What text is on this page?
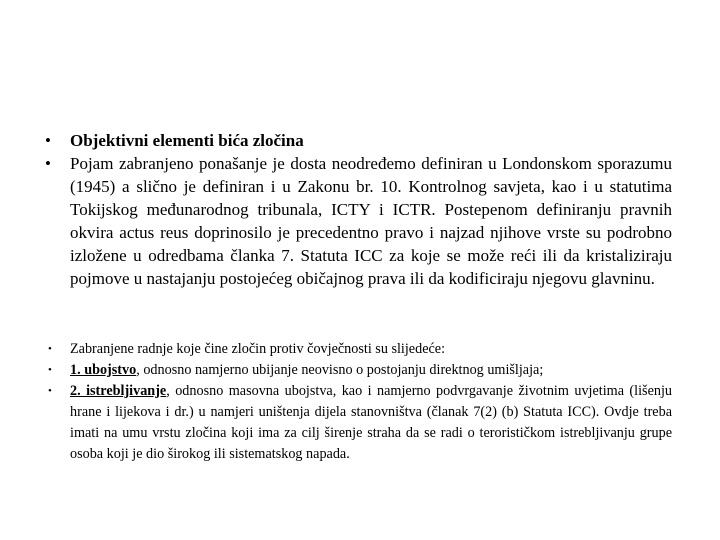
• Objektivni elementi bića zločina
• Pojam zabranjeno ponašanje je dosta neodređemo definiran u Londonskom sporazumu (1945) a slično je definiran i u Zakonu br. 10. Kontrolnog savjeta, kao i u statutima Tokijskog međunarodnog tribunala, ICTY i ICTR. Postepenom definiranju pravnih okvira actus reus doprinosilo je precedentno pravo i najzad njihove vrste su podrobno izložene u odredbama članka 7. Statuta ICC za koje se može reći ili da kristaliziraju pojmove u nastajanju postojećeg običajnog prava ili da kodificiraju njegovu glavninu.
• Zabranjene radnje koje čine zločin protiv čovječnosti su slijedeće:
• 1. ubojstvo, odnosno namjerno ubijanje neovisno o postojanju direktnog umišljaja;
• 2. istrebljivanje, odnosno masovna ubojstva, kao i namjerno podvrgavanje životnim uvjetima (lišenju hrane i lijekova i dr.) u namjeri uništenja dijela stanovništva (članak 7(2) (b) Statuta ICC). Ovdje treba imati na umu vrstu zločina koji ima za cilj širenje straha da se radi o terorističkom istrebljivanju grupe osoba koji je dio širokog ili sistematskog napada.
